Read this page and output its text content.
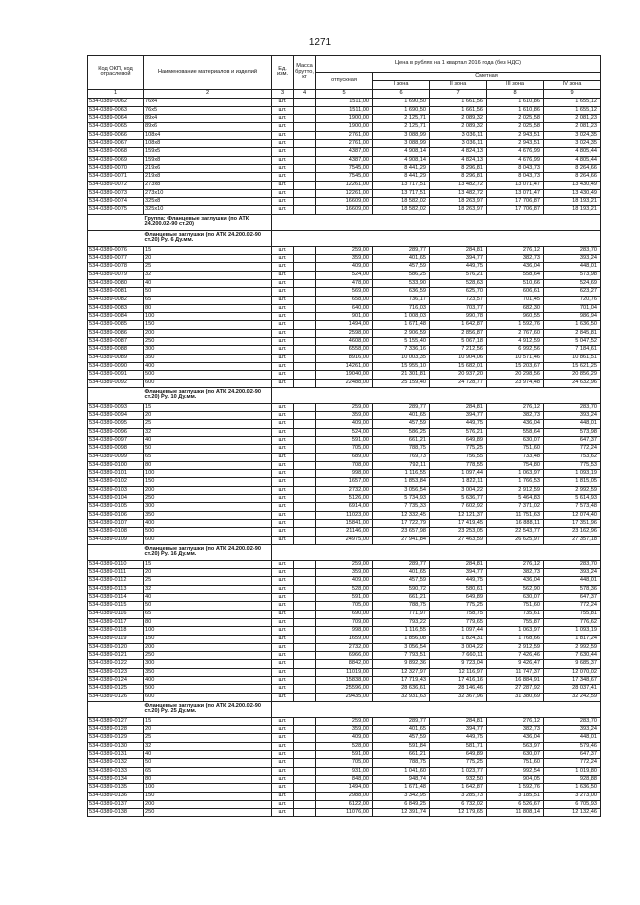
1271
Код ОКП, код отраслевой	Наименование материалов и изделий	Ед. изм.	Масса брутто, кг	Цена в рублях на 1 квартал 2016 года (без НДС)				
				отпускная	Сметная			
					I зона	II зона	III зона	IV зона
1	2	3	4	5	6	7	8	9
534-0389-0062	76х4	шт.		1511,00	1 690,50	1 661,56	1 610,86	1 655,12
534-0389-0063	76х5	шт.		1511,00	1 690,50	1 661,56	1 610,86	1 655,12
534-0389-0064	89х4	шт.		1900,00	2 125,71	2 089,32	2 025,58	2 081,23
534-0389-0065	89х6	шт.		1900,00	2 125,71	2 089,32	2 025,58	2 081,23
534-0389-0066	108х4	шт.		2761,00	3 088,99	3 036,11	2 943,51	3 024,35
534-0389-0067	108х8	шт.		2761,00	3 088,99	3 036,11	2 943,51	3 024,35
534-0389-0068	159х5	шт.		4387,00	4 908,14	4 824,13	4 676,99	4 805,44
534-0389-0069	159х8	шт.		4387,00	4 908,14	4 824,13	4 676,99	4 805,44
534-0389-0070	219х6	шт.		7545,00	8 441,29	8 296,81	8 043,73	8 264,66
534-0389-0071	219х8	шт.		7545,00	8 441,29	8 296,81	8 043,73	8 264,66
534-0389-0072	273х8	шт.		12261,00	13 717,51	13 482,72	13 071,47	13 430,49
534-0389-0073	273х10	шт.		12261,00	13 717,51	13 482,72	13 071,47	13 430,49
534-0389-0074	325х8	шт.		16609,00	18 582,02	18 263,97	17 706,87	18 193,21
534-0389-0075	325х10	шт.		16609,00	18 582,02	18 263,97	17 706,87	18 193,21
	Группа: Фланцевые заглушки (по АТК 24.200.02-90 ст.20)							
	Фланцевые заглушки (по АТК 24.200.02-90 ст.20) Ру. 6 Ду.мм.							
534-0389-0076	15	шт.		259,00	289,77	284,81	276,12	283,70
534-0389-0077	20	шт.		359,00	401,65	394,77	382,73	393,24
534-0389-0078	25	шт.		409,00	457,59	449,75	436,04	448,01
534-0389-0079	32	шт.		524,00	586,25	576,21	558,64	573,98
534-0389-0080	40	шт.		478,00	533,90	528,63	510,66	524,69
534-0389-0081	50	шт.		569,00	636,59	625,70	606,61	623,27
534-0389-0082	65	шт.		658,00	736,17	723,57	701,45	720,76
534-0389-0083	80	шт.		640,00	716,03	703,77	682,30	701,04
534-0389-0084	100	шт.		901,00	1 008,03	990,78	960,55	986,94
534-0389-0085	150	шт.		1494,00	1 671,48	1 642,87	1 592,76	1 636,50
534-0389-0086	200	шт.		2598,00	2 906,59	2 856,87	2 767,60	2 845,81
534-0389-0087	250	шт.		4608,00	5 155,40	5 067,18	4 912,59	5 047,52
534-0389-0088	300	шт.		6558,00	7 336,16	7 212,56	6 992,56	7 184,61
534-0389-0089	350	шт.		8916,00	10 003,35	10 904,06	10 571,46	10 861,51
534-0389-0090	400	шт.		14261,00	15 955,10	15 682,01	15 203,67	15 621,25
534-0389-0091	500	шт.		19040,00	21 301,81	20 937,20	20 298,56	20 856,29
534-0389-0092	600	шт.		22488,00	25 159,40	24 728,77	23 974,48	24 632,96
	Фланцевые заглушки (по АТК 24.200.02-90 ст.20) Ру. 10 Ду.мм.							
534-0389-0093	15	шт.		259,00	289,77	284,81	276,12	283,70
534-0389-0094	20	шт.		359,00	401,65	394,77	382,73	393,24
534-0389-0095	25	шт.		409,00	457,59	449,75	436,04	448,01
534-0389-0096	32	шт.		524,00	586,25	576,21	558,64	573,98
534-0389-0097	40	шт.		591,00	661,21	649,89	630,07	647,37
534-0389-0098	50	шт.		705,00	788,75	775,25	751,60	772,24
534-0389-0099	65	шт.		689,00	769,73	756,55	733,48	753,62
534-0389-0100	80	шт.		708,00	792,11	778,55	754,80	775,53
534-0389-0101	100	шт.		998,00	1 116,55	1 097,44	1 063,97	1 093,19
534-0389-0102	150	шт.		1657,00	1 853,84	1 822,11	1 766,53	1 815,05
534-0389-0103	200	шт.		2732,00	3 056,54	3 004,22	2 912,59	2 992,59
534-0389-0104	250	шт.		5126,00	5 734,93	5 636,77	5 464,83	5 614,93
534-0389-0105	300	шт.		6914,00	7 735,33	7 602,92	7 371,02	7 573,48
534-0389-0106	350	шт.		11023,00	12 332,45	12 121,37	11 751,63	12 074,40
534-0389-0107	400	шт.		15841,00	17 722,79	17 419,45	16 888,11	17 351,96
534-0389-0108	500	шт.		21146,00	23 657,98	23 253,05	22 543,77	23 162,96
534-0389-0109	600	шт.		24975,00	27 941,84	27 463,59	26 625,97	27 357,18
	Фланцевые заглушки (по АТК 24.200.02-90 ст.20) Ру. 16 Ду.мм.							
534-0389-0110	15	шт.		259,00	289,77	284,81	276,12	283,70
534-0389-0111	20	шт.		359,00	401,65	394,77	382,73	393,24
534-0389-0112	25	шт.		409,00	457,59	449,75	436,04	448,01
534-0389-0113	32	шт.		528,00	590,72	580,61	562,90	578,36
534-0389-0114	40	шт.		591,00	661,21	649,89	630,07	647,37
534-0389-0115	50	шт.		705,00	788,75	775,25	751,60	772,24
534-0389-0116	65	шт.		690,00	771,97	758,75	735,61	755,81
534-0389-0117	80	шт.		709,00	793,22	779,65	755,87	776,62
534-0389-0118	100	шт.		998,00	1 116,55	1 097,44	1 063,97	1 093,19
534-0389-0119	150	шт.		1659,00	1 856,08	1 824,31	1 768,66	1 817,24
534-0389-0120	200	шт.		2732,00	3 056,54	3 004,22	2 912,59	2 992,59
534-0389-0121	250	шт.		6966,00	7 793,51	7 660,11	7 426,46	7 630,44
534-0389-0122	300	шт.		8842,00	9 892,36	9 723,04	9 426,47	9 685,37
534-0389-0123	350	шт.		11019,00	12 327,97	12 116,97	11 747,37	12 070,02
534-0389-0124	400	шт.		15838,00	17 719,43	17 416,16	16 884,91	17 348,67
534-0389-0125	500	шт.		25596,00	28 636,61	28 146,46	27 287,92	28 037,41
534-0389-0126	600	шт.		29435,00	32 931,63	32 367,96	31 380,69	32 242,59
	Фланцевые заглушки (по АТК 24.200.02-90 ст.20) Ру. 25 Ду.мм.							
534-0389-0127	15	шт.		259,00	289,77	284,81	276,12	283,70
534-0389-0128	20	шт.		359,00	401,65	394,77	382,73	393,24
534-0389-0129	25	шт.		409,00	457,59	449,75	436,04	448,01
534-0389-0130	32	шт.		528,00	591,84	581,71	563,97	579,46
534-0389-0131	40	шт.		591,00	661,21	649,89	630,07	647,37
534-0389-0132	50	шт.		705,00	788,75	775,25	751,60	772,24
534-0389-0133	65	шт.		931,00	1 041,60	1 023,77	992,54	1 019,80
534-0389-0134	80	шт.		848,00	948,74	932,50	904,05	928,88
534-0389-0135	100	шт.		1494,00	1 671,48	1 642,87	1 592,76	1 636,50
534-0389-0136	150	шт.		2988,00	3 342,95	3 285,73	3 185,51	3 273,00
534-0389-0137	200	шт.		6122,00	6 849,25	6 732,02	6 526,67	6 705,93
534-0389-0138	250	шт.		11076,00	12 391,74	12 179,65	11 808,14	12 132,46
